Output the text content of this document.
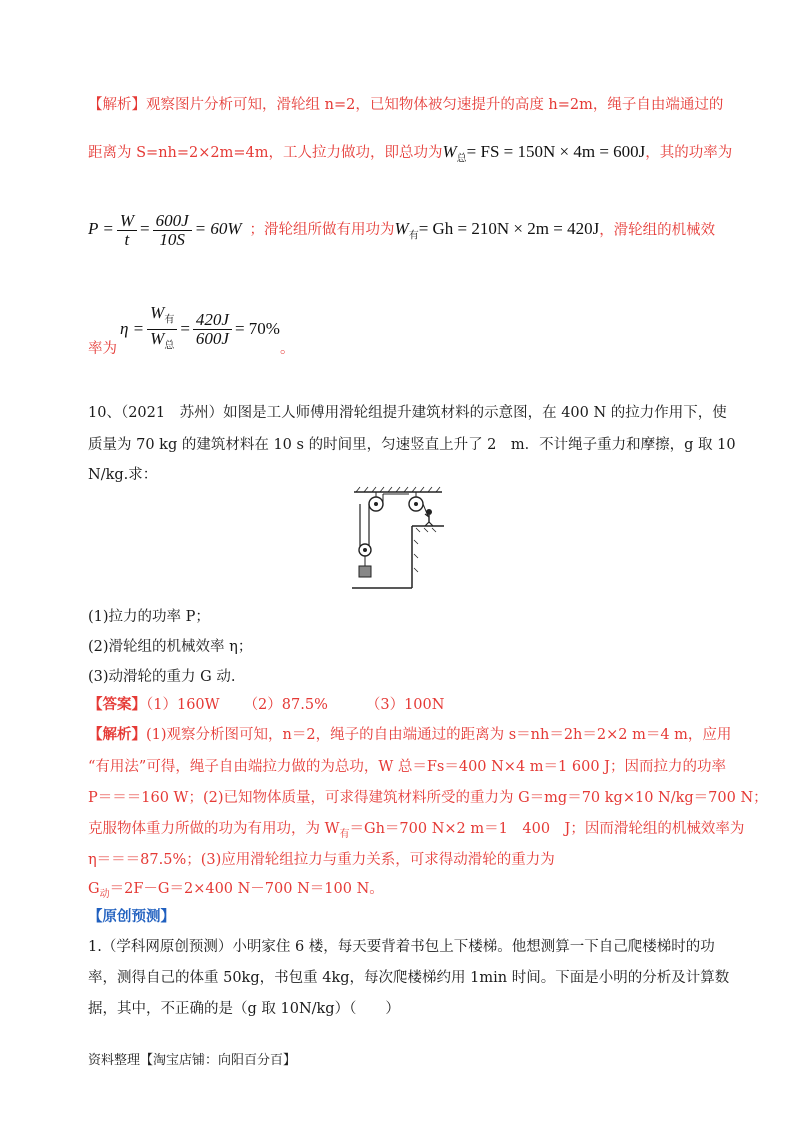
【解析】观察图片分析可知，滑轮组 n=2，已知物体被匀速提升的高度 h=2m，绳子自由端通过的
距离为 S=nh=2×2m=4m，工人拉力做功，即总功为$W_总=$ FS = 150N × 4m = 600J，其的功率为
$P = \frac{W}{t} = \frac{600J}{10S} = 60W$ ；滑轮组所做有用功为$W_有= Gh = 210N \times 2m = 420J$，滑轮组的机械效
$\eta = \frac{W_有}{W_总} = \frac{420J}{600J} = 70\%$
率为	。
10、（2021　苏州）如图是工人师傅用滑轮组提升建筑材料的示意图，在 400 N 的拉力作用下，使
质量为 70 kg 的建筑材料在 10 s 的时间里，匀速竖直上升了 2　m．不计绳子重力和摩擦，g 取 10
N/kg.求：
(1)拉力的功率 P；
(2)滑轮组的机械效率 η；
(3)动滑轮的重力 G 动.
【答案】（1）160W （2）87.5%	（3）100N
【解析】(1)观察分析图可知，n＝2，绳子的自由端通过的距离为 s＝nh＝2h＝2×2 m＝4 m，应用
“有用法”可得，绳子自由端拉力做的为总功，W 总＝Fs＝400 N×4 m＝1 600 J；因而拉力的功率
P＝＝＝160 W；(2)已知物体质量，可求得建筑材料所受的重力为 G＝mg＝70 kg×10 N/kg＝700 N；
克服物体重力所做的功为有用功，为 $W_有=Gh=700$ N×2 m＝1　400　J；因而滑轮组的机械效率为
η＝＝＝87.5%；(3)应用滑轮组拉力与重力关系，可求得动滑轮的重力为
$G_动=2F-G=2\times 400$ N－700 N＝100 N。
【原创预测】
1.（学科网原创预测）小明家住 6 楼，每天要背着书包上下楼梯。他想测算一下自己爬楼梯时的功
率，测得自己的体重 50kg，书包重 4kg，每次爬楼梯约用 1min 时间。下面是小明的分析及计算数
据，其中，不正确的是（g 取 10N/kg）（　　）
资料整理【淘宝店铺：向阳百分百】
